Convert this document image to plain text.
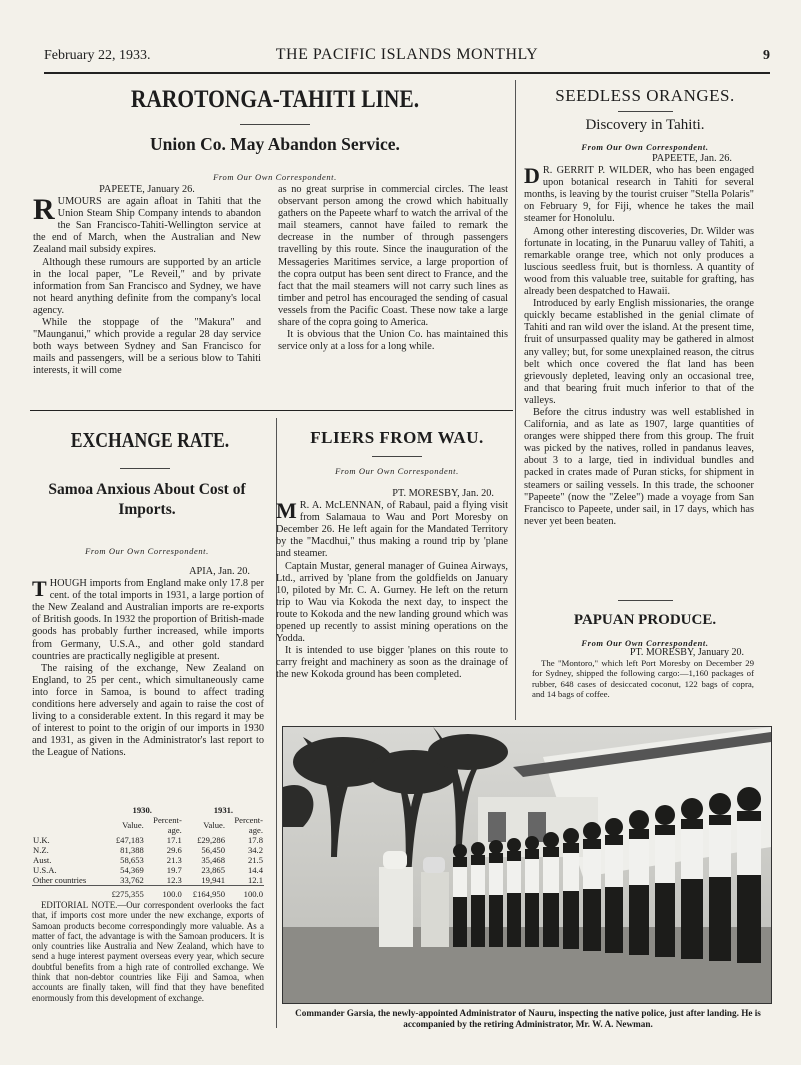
February 22, 1933.	THE PACIFIC ISLANDS MONTHLY	9
RAROTONGA-TAHITI LINE.
Union Co. May Abandon Service.
From Our Own Correspondent.

PAPEETE, January 26.

RUMOURS are again afloat in Tahiti that the Union Steam Ship Company intends to abandon the San Francisco-Tahiti-Wellington service at the end of March, when the Australian and New Zealand mail subsidy expires.

Although these rumours are supported by an article in the local paper, "Le Reveil," and by private information from San Francisco and Sydney, we have not heard anything definite from the company's local agency.

While the stoppage of the "Makura" and "Maunganui," which provide a regular 28 day service both ways between Sydney and San Francisco for mails and passengers, will be a serious blow to Tahiti interests, it will come

as no great surprise in commercial circles. The least observant person among the crowd which habitually gathers on the Papeete wharf to watch the arrival of the mail steamers, cannot have failed to remark the decrease in the number of through passengers travelling by this route. Since the inauguration of the Messageries Maritimes service, a large proportion of the copra output has been sent direct to France, and the fact that the mail steamers will not carry such lines as timber and petrol has encouraged the sending of casual vessels from the Pacific Coast. These now take a large share of the copra going to America.

It is obvious that the Union Co. has maintained this service only at a loss for a long while.

SEEDLESS ORANGES.
Discovery in Tahiti.
From Our Own Correspondent.

PAPEETE, Jan. 26.

D R. GERRIT P. WILDER, who has been engaged upon botanical research in Tahiti for several months, is leaving by the tourist cruiser "Stella Polaris" on February 9, for Fiji, whence he takes the mail steamer for Honolulu.

Among other interesting discoveries, Dr. Wilder was fortunate in locating, in the Punaruu valley of Tahiti, a remarkable orange tree, which not only produces a luscious seedless fruit, but is thornless. A quantity of wood from this valuable tree, suitable for grafting, has already been despatched to Hawaii.

Introduced by early English missionaries, the orange quickly became established in the genial climate of Tahiti and ran wild over the island. At the present time, fruit of unsurpassed quality may be gathered in almost any valley; but, for some unexplained reason, the citrus belt which once covered the flat land has been grievously depleted, leaving only an occasional tree, and that bearing fruit much inferior to that of the valleys.

Before the citrus industry was well established in California, and as late as 1907, large quantities of oranges were shipped there from this group. The fruit was picked by the natives, rolled in pandanus leaves, about 3 to a large, tied in individual bundles and packed in crates made of Puran sticks, for shipment in steamers or sailing vessels. In this trade, the schooner "Papeete" (now the "Zelee") made a voyage from San Francisco to Papeete, under sail, in 17 days, which has never yet been beaten.

PAPUAN PRODUCE.
From Our Own Correspondent.

PT. MORESBY, January 20.

The "Montoro," which left Port Moresby on December 29 for Sydney, shipped the following cargo:—1,160 packages of rubber, 648 cases of desiccated coconut, 122 bags of copra, and 14 bags of coffee.

EXCHANGE RATE.
Samoa Anxious About Cost of Imports.
From Our Own Correspondent.

APIA, Jan. 20.

THOUGH imports from England make only 17.8 per cent. of the total imports in 1931, a large portion of the New Zealand and Australian imports are re-exports of British goods. In 1932 the proportion of British-made goods has probably further increased, while imports from Germany, U.S.A., and other gold standard countries are practically negligible at present.

The raising of the exchange, New Zealand on England, to 25 per cent., which simultaneously came into force in Samoa, is bound to affect trading conditions here adversely and again to raise the cost of living to a considerable extent. In this regard it may be of interest to point to the origin of our imports in 1930 and 1931, as given in the Administrator's last report to the League of Nations.

	1930.		1931.	
	Value.	Percent-age.	Value.	Percent-age.
U.K.	£47,183	17.1	£29,286	17.8
N.Z.	81,388	29.6	56,450	34.2
Aust.	58,653	21.3	35,468	21.5
U.S.A.	54,369	19.7	23,865	14.4
Other countries	33,762	12.3	19,941	12.1
	£275,355	100.0	£164,950	100.0

EDITORIAL NOTE.—Our correspondent overlooks the fact that, if imports cost more under the new exchange, exports of Samoan products become correspondingly more valuable. As a matter of fact, the advantage is with the Samoan producers. It is only countries like Australia and New Zealand, which have to send a huge interest payment overseas every year, which secure doubtful benefits from a high rate of controlled exchange. We think that non-debtor countries like Fiji and Samoa, when accounts are finally taken, will find that they have benefited enormously from this development of exchange.

FLIERS FROM WAU.
From Our Own Correspondent.

PT. MORESBY, Jan. 20.

M R. A. McLENNAN, of Rabaul, paid a flying visit from Salamaua to Wau and Port Moresby on December 26. He left again for the Mandated Territory by the "Macdhui," thus making a round trip by 'plane and steamer.

Captain Mustar, general manager of Guinea Airways, Ltd., arrived by 'plane from the goldfields on January 10, piloted by Mr. C. A. Gurney. He left on the return trip to Wau via Kokoda the next day, to inspect the route to Kokoda and the new landing ground which was opened up recently to assist mining operations on the Yodda.

It is intended to use bigger 'planes on this route to carry freight and machinery as soon as the drainage of the new Kokoda ground has been completed.

Commander Garsia, the newly-appointed Administrator of Nauru, inspecting the native police, just after landing. He is accompanied by the retiring Administrator, Mr. W. A. Newman.
